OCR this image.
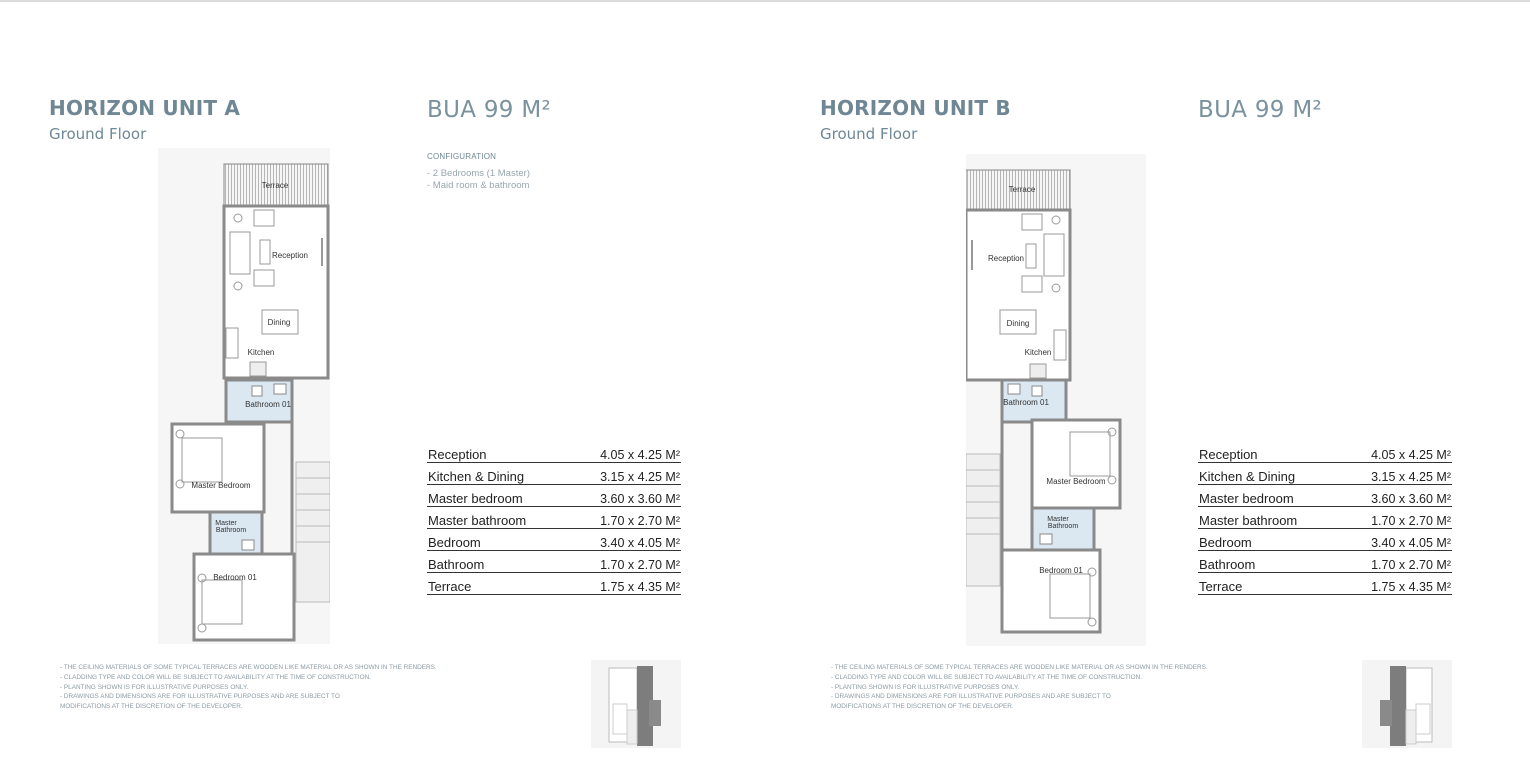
HORIZON UNIT A
Ground Floor
BUA 99 M²
CONFIGURATION
- 2 Bedrooms (1 Master)
- Maid room & bathroom
Terrace
Reception
Dining
Kitchen
Bathroom 01
Master Bedroom
Master
Bathroom
Bedroom 01
Reception	4.05 x 4.25 M²
Kitchen & Dining	3.15 x 4.25 M²
Master bedroom	3.60 x 3.60 M²
Master bathroom	1.70 x 2.70 M²
Bedroom	3.40 x 4.05 M²
Bathroom	1.70 x 2.70 M²
Terrace	1.75 x 4.35 M²
- THE CEILING MATERIALS OF SOME TYPICAL TERRACES ARE WOODEN LIKE MATERIAL OR AS SHOWN IN THE RENDERS.
- CLADDING TYPE AND COLOR WILL BE SUBJECT TO AVAILABILITY AT THE TIME OF CONSTRUCTION.
- PLANTING SHOWN IS FOR ILLUSTRATIVE PURPOSES ONLY.
- DRAWINGS AND DIMENSIONS ARE FOR ILLUSTRATIVE PURPOSES AND ARE SUBJECT TO
MODIFICATIONS AT THE DISCRETION OF THE DEVELOPER.
HORIZON UNIT B
Ground Floor
BUA 99 M²
Terrace
Reception
Dining
Kitchen
Bathroom 01
Master Bedroom
Master
Bathroom
Bedroom 01
Reception	4.05 x 4.25 M²
Kitchen & Dining	3.15 x 4.25 M²
Master bedroom	3.60 x 3.60 M²
Master bathroom	1.70 x 2.70 M²
Bedroom	3.40 x 4.05 M²
Bathroom	1.70 x 2.70 M²
Terrace	1.75 x 4.35 M²
- THE CEILING MATERIALS OF SOME TYPICAL TERRACES ARE WOODEN LIKE MATERIAL OR AS SHOWN IN THE RENDERS.
- CLADDING TYPE AND COLOR WILL BE SUBJECT TO AVAILABILITY AT THE TIME OF CONSTRUCTION.
- PLANTING SHOWN IS FOR ILLUSTRATIVE PURPOSES ONLY.
- DRAWINGS AND DIMENSIONS ARE FOR ILLUSTRATIVE PURPOSES AND ARE SUBJECT TO
MODIFICATIONS AT THE DISCRETION OF THE DEVELOPER.
